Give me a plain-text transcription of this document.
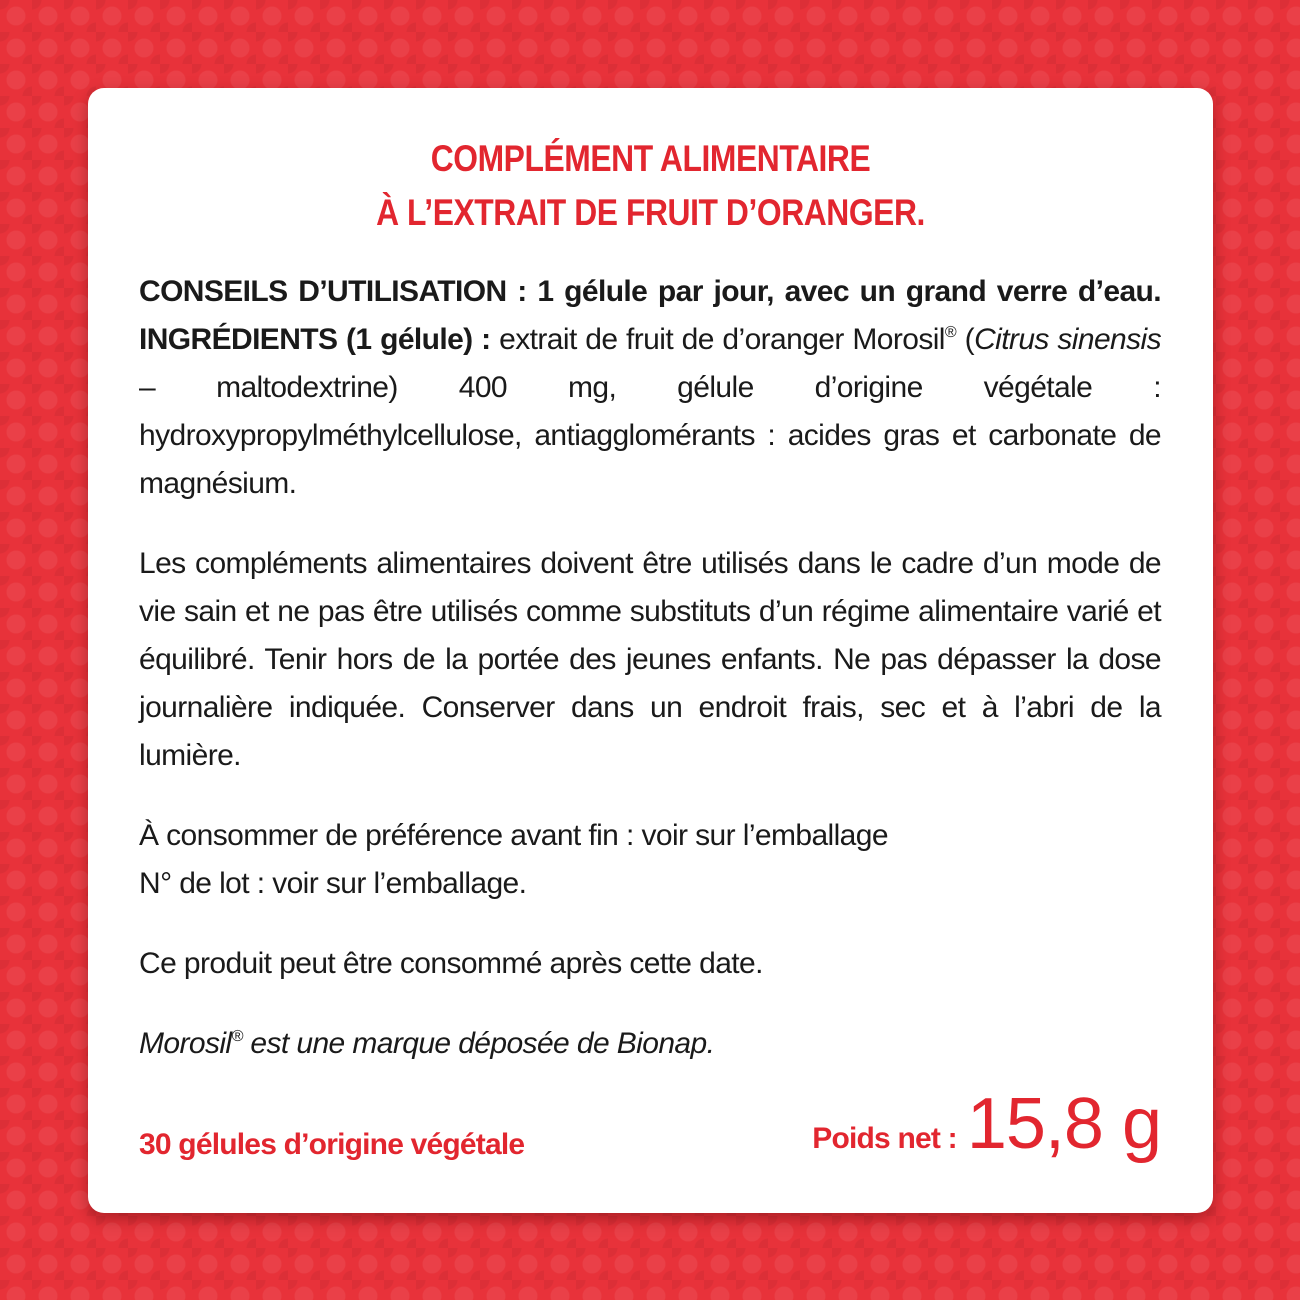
COMPLÉMENT ALIMENTAIRE
À L’EXTRAIT DE FRUIT D’ORANGER.

CONSEILS D’UTILISATION : 1 gélule par jour, avec un grand verre d’eau. INGRÉDIENTS (1 gélule) : extrait de fruit de d’oranger Morosil® (Citrus sinensis – maltodextrine) 400 mg, gélule d’origine végétale : hydroxypropylméthylcellulose, antiagglomérants : acides gras et carbonate de magnésium.

Les compléments alimentaires doivent être utilisés dans le cadre d’un mode de vie sain et ne pas être utilisés comme substituts d’un régime alimentaire varié et équilibré. Tenir hors de la portée des jeunes enfants. Ne pas dépasser la dose journalière indiquée. Conserver dans un endroit frais, sec et à l’abri de la lumière.

À consommer de préférence avant fin : voir sur l’emballage
N° de lot : voir sur l’emballage.
Ce produit peut être consommé après cette date.
Morosil® est une marque déposée de Bionap.
30 gélules d’origine végétale	Poids net : 15,8 g
